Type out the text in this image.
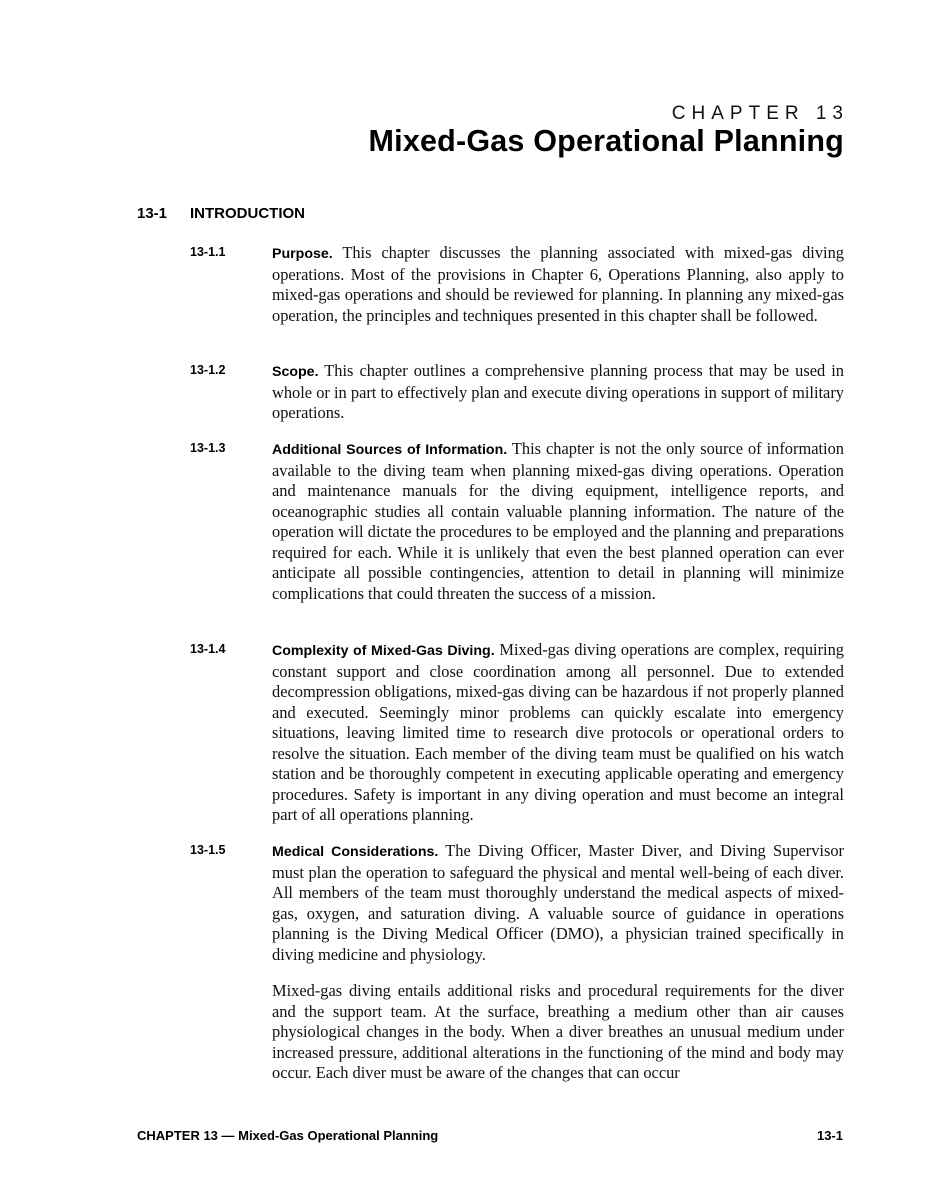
CHAPTER 13
Mixed-Gas Operational Planning
13-1 INTRODUCTION
13-1.1	Purpose. This chapter discusses the planning associated with mixed-gas diving operations. Most of the provisions in Chapter 6, Operations Planning, also apply to mixed-gas operations and should be reviewed for planning. In planning any mixed-gas operation, the principles and techniques presented in this chapter shall be followed.
13-1.2	Scope. This chapter outlines a comprehensive planning process that may be used in whole or in part to effectively plan and execute diving operations in support of military operations.
13-1.3	Additional Sources of Information. This chapter is not the only source of information available to the diving team when planning mixed-gas diving operations. Operation and maintenance manuals for the diving equipment, intelligence reports, and oceanographic studies all contain valuable planning information. The nature of the operation will dictate the procedures to be employed and the planning and preparations required for each. While it is unlikely that even the best planned operation can ever anticipate all possible contingencies, attention to detail in planning will minimize complications that could threaten the success of a mission.
13-1.4	Complexity of Mixed-Gas Diving. Mixed-gas diving operations are complex, requiring constant support and close coordination among all personnel. Due to extended decompression obligations, mixed-gas diving can be hazardous if not properly planned and executed. Seemingly minor problems can quickly escalate into emergency situations, leaving limited time to research dive protocols or operational orders to resolve the situation. Each member of the diving team must be qualified on his watch station and be thoroughly competent in executing applicable operating and emergency procedures. Safety is important in any diving operation and must become an integral part of all operations planning.
13-1.5	Medical Considerations. The Diving Officer, Master Diver, and Diving Supervisor must plan the operation to safeguard the physical and mental well-being of each diver. All members of the team must thoroughly understand the medical aspects of mixed-gas, oxygen, and saturation diving. A valuable source of guidance in operations planning is the Diving Medical Officer (DMO), a physician trained specifically in diving medicine and physiology.
Mixed-gas diving entails additional risks and procedural requirements for the diver and the support team. At the surface, breathing a medium other than air causes physiological changes in the body. When a diver breathes an unusual medium under increased pressure, additional alterations in the functioning of the mind and body may occur. Each diver must be aware of the changes that can occur
CHAPTER 13 — Mixed-Gas Operational Planning	13-1
